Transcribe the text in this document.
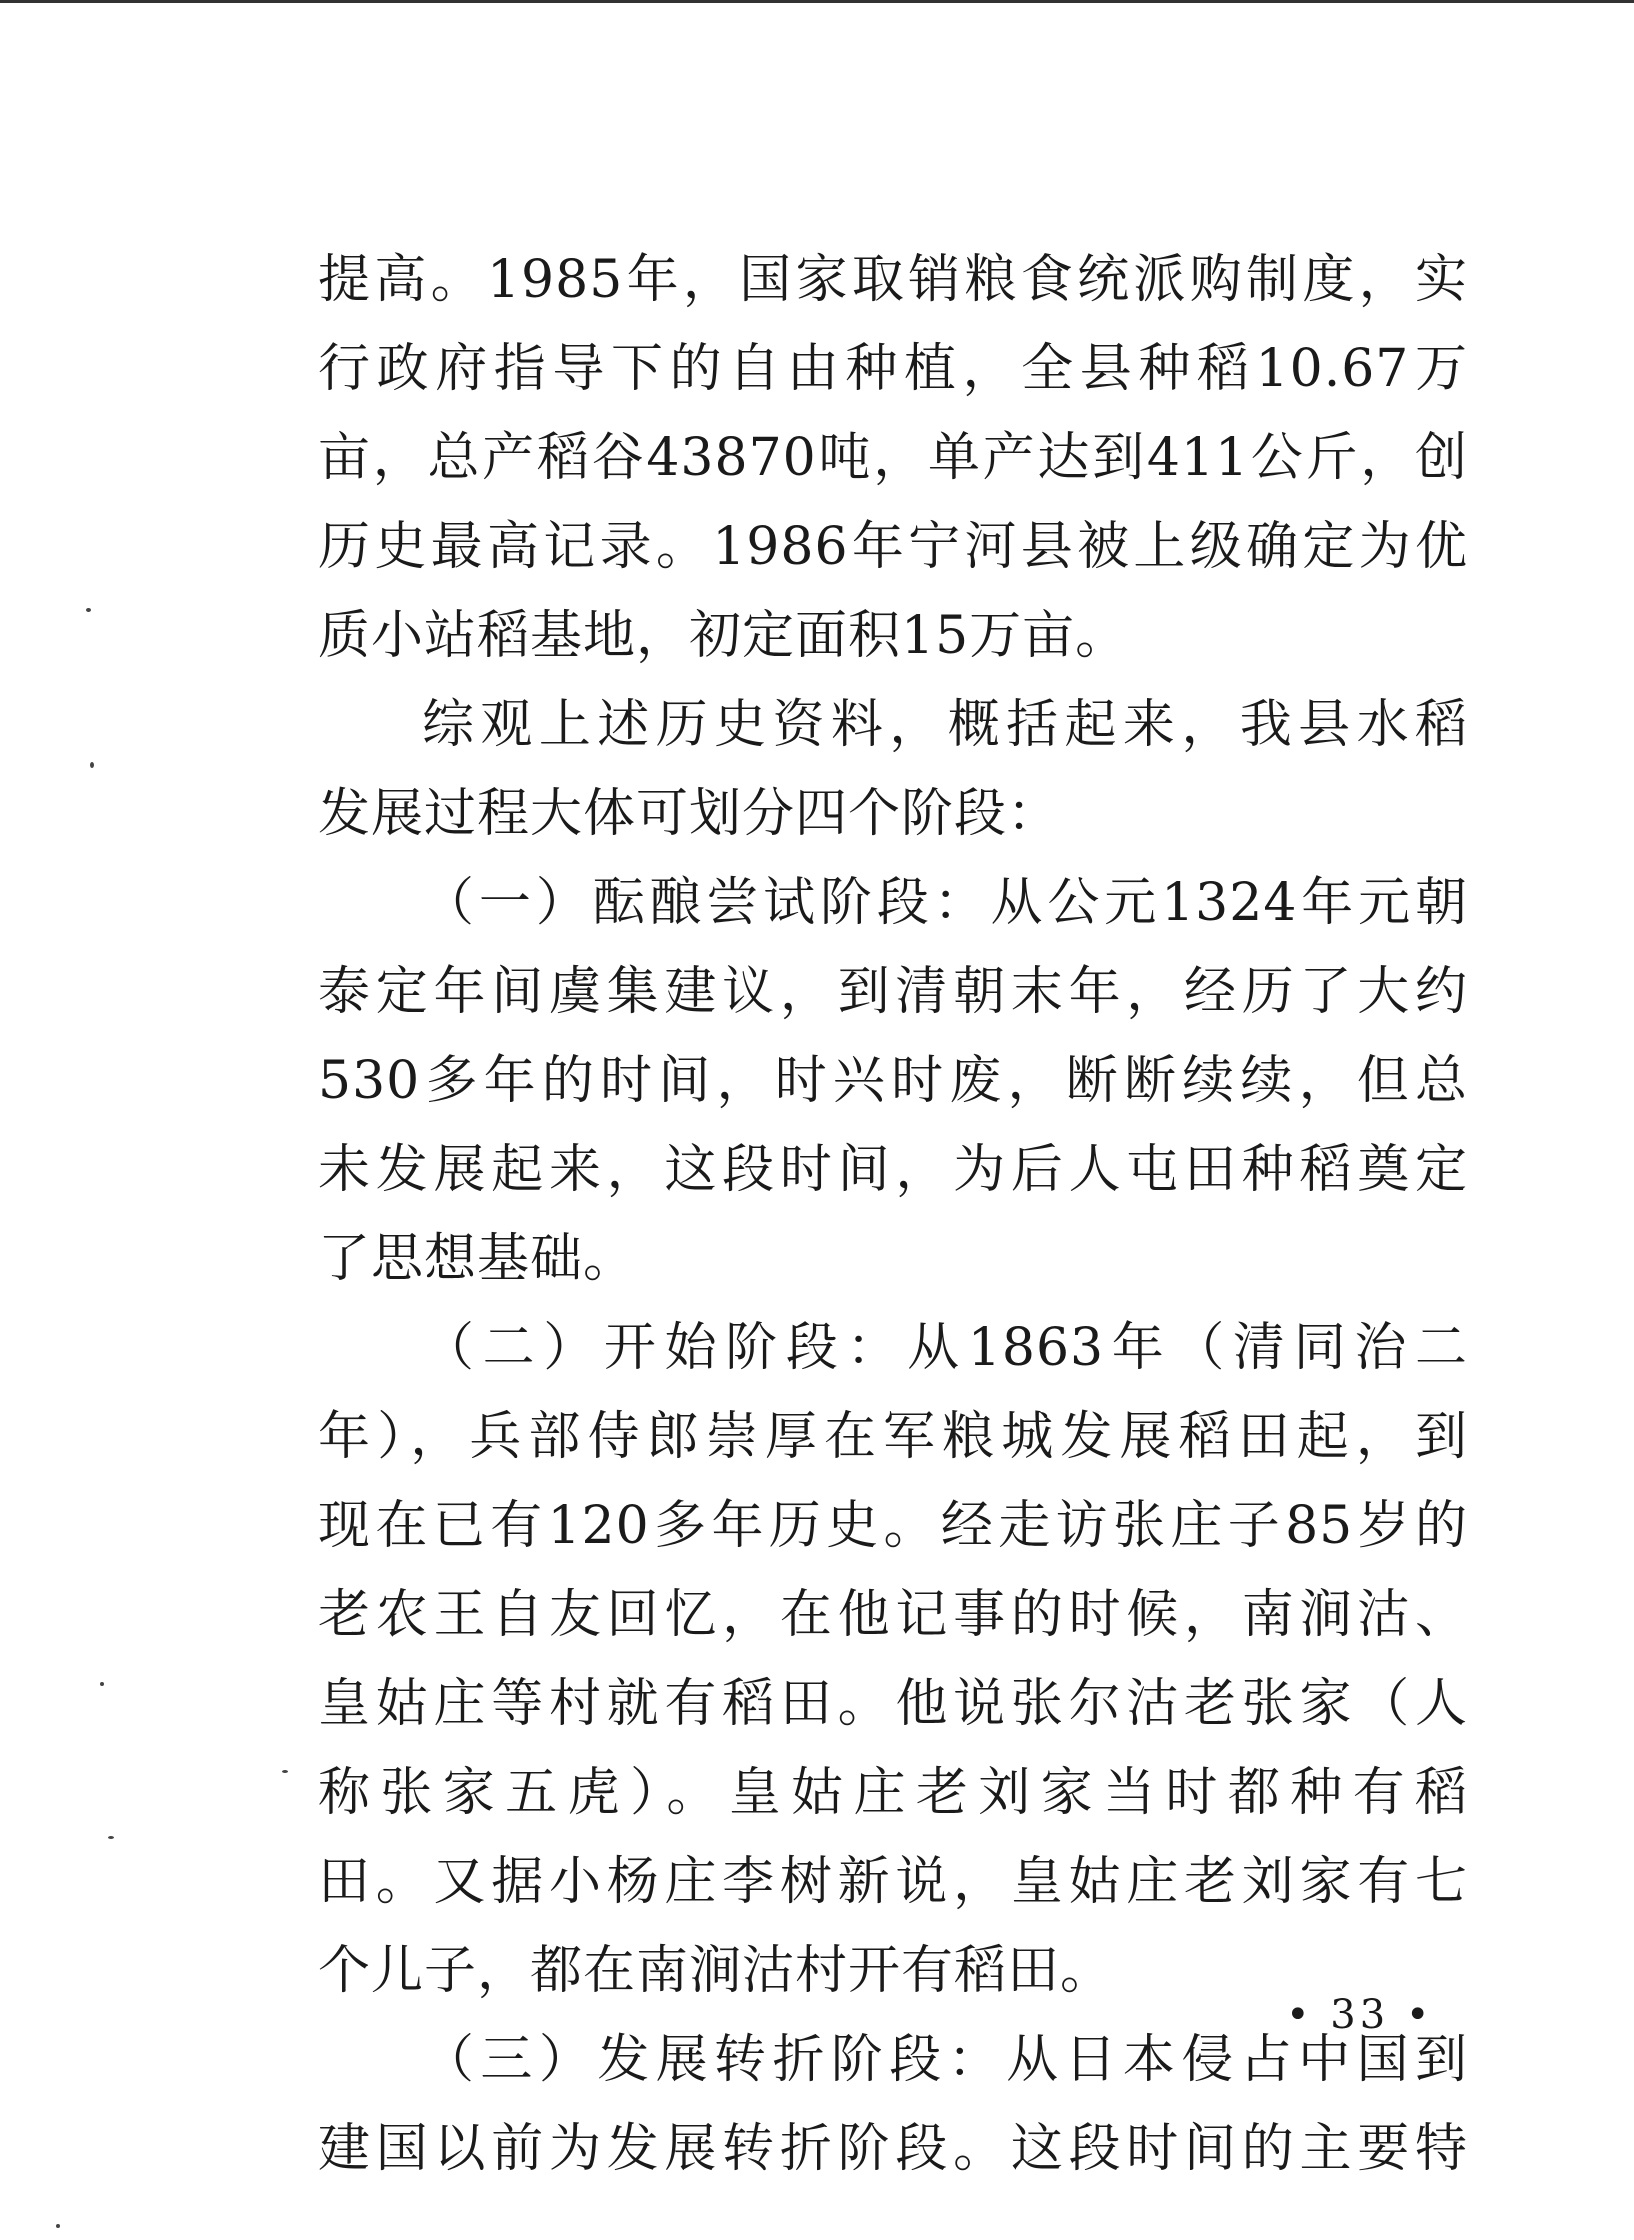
提高。1985年，国家取销粮食统派购制度，实
行政府指导下的自由种植，全县种稻10.67万
亩，总产稻谷43870吨，单产达到411公斤，创
历史最高记录。1986年宁河县被上级确定为优
质小站稻基地，初定面积15万亩。
综观上述历史资料，概括起来，我县水稻
发展过程大体可划分四个阶段：
（一）酝酿尝试阶段：从公元1324年元朝
泰定年间虞集建议，到清朝末年，经历了大约
530多年的时间，时兴时废，断断续续，但总
未发展起来，这段时间，为后人屯田种稻奠定
了思想基础。
（二）开始阶段：从1863年（清同治二
年），兵部侍郎崇厚在军粮城发展稻田起，到
现在已有120多年历史。经走访张庄子85岁的
老农王自友回忆，在他记事的时候，南涧沽、
皇姑庄等村就有稻田。他说张尔沽老张家（人
称张家五虎）。皇姑庄老刘家当时都种有稻
田。又据小杨庄李树新说，皇姑庄老刘家有七
个儿子，都在南涧沽村开有稻田。
（三）发展转折阶段：从日本侵占中国到
建国以前为发展转折阶段。这段时间的主要特
• 33 •
